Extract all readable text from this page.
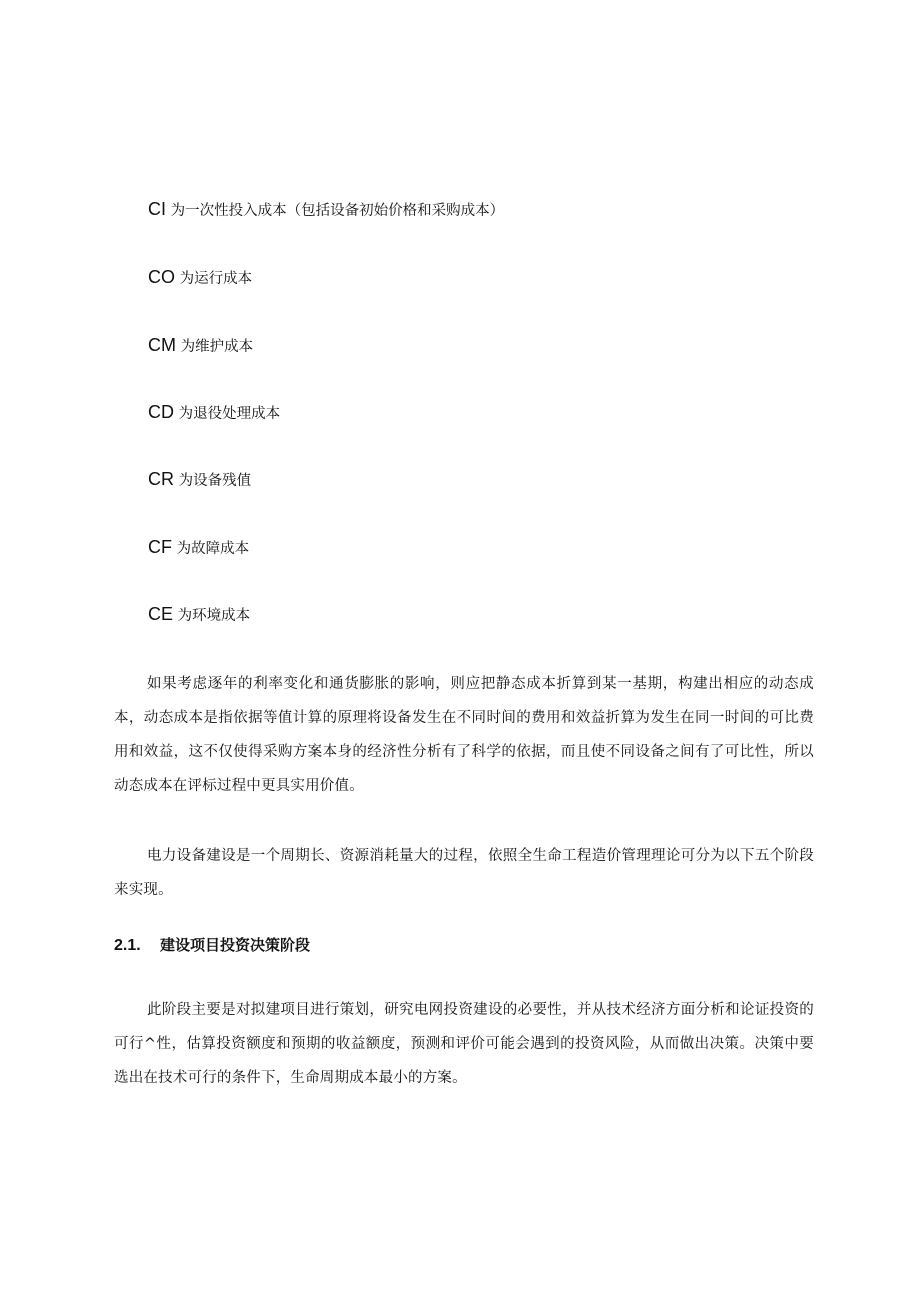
CI 为一次性投入成本（包括设备初始价格和采购成本）
CO 为运行成本
CM 为维护成本
CD 为退役处理成本
CR 为设备残值
CF 为故障成本
CE 为环境成本

如果考虑逐年的利率变化和通货膨胀的影响，则应把静态成本折算到某一基期，构建出相应的动态成本，动态成本是指依据等值计算的原理将设备发生在不同时间的费用和效益折算为发生在同一时间的可比费用和效益，这不仅使得采购方案本身的经济性分析有了科学的依据，而且使不同设备之间有了可比性，所以动态成本在评标过程中更具实用价值。

电力设备建设是一个周期长、资源消耗量大的过程，依照全生命工程造价管理理论可分为以下五个阶段来实现。

2.1. 建设项目投资决策阶段

此阶段主要是对拟建项目进行策划，研究电网投资建设的必要性，并从技术经济方面分析和论证投资的可行^性，估算投资额度和预期的收益额度，预测和评价可能会遇到的投资风险，从而做出决策。决策中要选出在技术可行的条件下，生命周期成本最小的方案。
